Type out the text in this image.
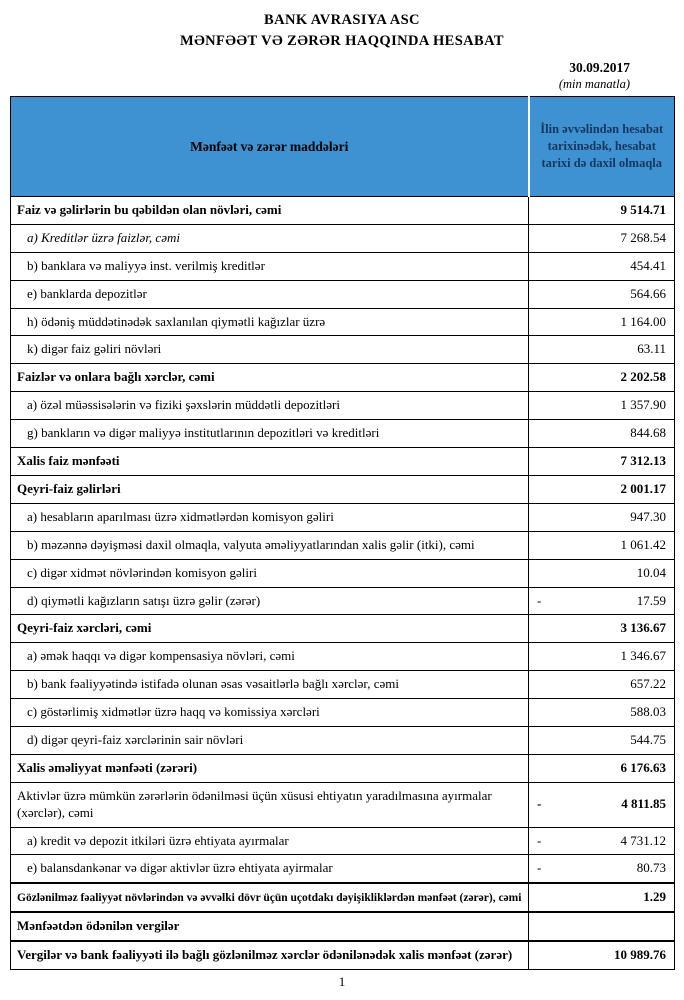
BANK AVRASIYA ASC
MƏNFƏƏT VƏ ZƏRƏR HAQQINDA HESABAT
30.09.2017
(min manatla)
Mənfəət və zərər maddələri	İlin əvvəlindən hesabat tarixinədək, hesabat tarixi də daxil olmaqla
Faiz və gəlirlərin bu qəbildən olan növləri, cəmi	9 514.71

a) Kreditlər üzrə faizlər, cəmi	7 268.54

b) banklara və maliyyə inst. verilmiş kreditlər	454.41

e) banklarda depozitlər	564.66

h) ödəniş müddətinədək saxlanılan qiymətli kağızlar üzrə	1 164.00

k) digər faiz gəliri növləri	63.11

Faizlər və onlara bağlı xərclər, cəmi	2 202.58

a) özəl müəssisələrin və fiziki şəxslərin müddətli depozitləri	1 357.90

g) bankların və digər maliyyə institutlarının depozitləri və kreditləri	844.68

Xalis faiz mənfəəti	7 312.13

Qeyri-faiz gəlirləri	2 001.17

a) hesabların aparılması üzrə xidmətlərdən komisyon gəliri	947.30

b) məzənnə dəyişməsi daxil olmaqla, valyuta əməliyyatlarından xalis gəlir (itki), cəmi	1 061.42

c) digər xidmət növlərindən komisyon gəliri	10.04

d) qiymətli kağızların satışı üzrə gəlir (zərər)	- 17.59

Qeyri-faiz xərcləri, cəmi	3 136.67

a) əmək haqqı və digər kompensasiya növləri, cəmi	1 346.67

b) bank fəaliyyətində istifadə olunan əsas vəsaitlərlə bağlı xərclər, cəmi	657.22

c) göstərlimiş xidmətlər üzrə haqq və komissiya xərcləri	588.03

d) digər qeyri-faiz xərclərinin sair növləri	544.75

Xalis əməliyyat mənfəəti (zərəri)	6 176.63

Aktivlər üzrə mümkün zərərlərin ödənilməsi üçün xüsusi ehtiyatın yaradılmasına ayırmalar (xərclər), cəmi	- 4 811.85

a) kredit və depozit itkiləri üzrə ehtiyata ayırmalar	- 4 731.12

e) balansdankənar və digər aktivlər üzrə ehtiyata ayirmalar	- 80.73

Gözlənilməz fəaliyyət növlərindən və əvvəlki dövr üçün uçotdakı dəyişikliklərdən mənfəət (zərər), cəmi	1.29

Mənfəətdən ödənilən vergilər	

Vergilər və bank fəaliyyəti ilə bağlı gözlənilməz xərclər ödənilənədək xalis mənfəət (zərər)	10 989.76
1
